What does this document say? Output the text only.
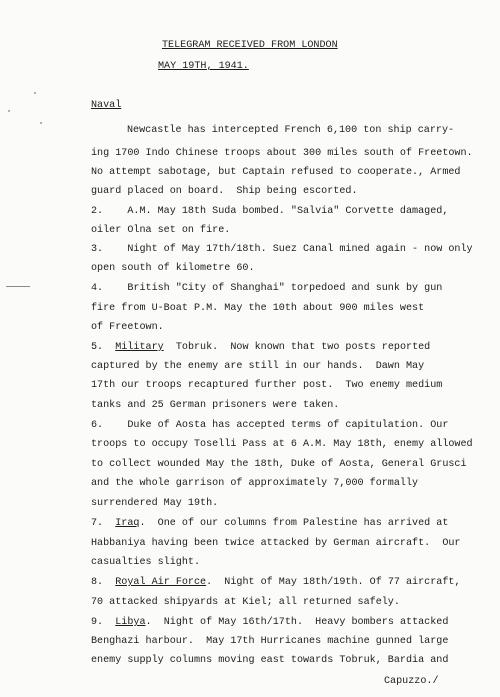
TELEGRAM RECEIVED FROM LONDON
MAY 19TH, 1941.
Naval
Newcastle has intercepted French 6,100 ton ship carry-
ing 1700 Indo Chinese troops about 300 miles south of Freetown.
No attempt sabotage, but Captain refused to cooperate., Armed
guard placed on board.  Ship being escorted.
2.    A.M. May 18th Suda bombed. "Salvia" Corvette damaged,
oiler Olna set on fire.
3.    Night of May 17th/18th. Suez Canal mined again - now only
open south of kilometre 60.
4.    British "City of Shanghai" torpedoed and sunk by gun
fire from U-Boat P.M. May the 10th about 900 miles west
of Freetown.
5. Military  Tobruk.  Now known that two posts reported
captured by the enemy are still in our hands.  Dawn May
17th our troops recaptured further post.  Two enemy medium
tanks and 25 German prisoners were taken.
6.    Duke of Aosta has accepted terms of capitulation. Our
troops to occupy Toselli Pass at 6 A.M. May 18th, enemy allowed
to collect wounded May the 18th, Duke of Aosta, General Grusci
and the whole garrison of approximately 7,000 formally
surrendered May 19th.
7. Iraq.  One of our columns from Palestine has arrived at
Habbaniya having been twice attacked by German aircraft.  Our
casualties slight.
8. Royal Air Force.  Night of May 18th/19th. Of 77 aircraft,
70 attacked shipyards at Kiel; all returned safely.
9. Libya.  Night of May 16th/17th.  Heavy bombers attacked
Benghazi harbour.  May 17th Hurricanes machine gunned large
enemy supply columns moving east towards Tobruk, Bardia and
Capuzzo./
